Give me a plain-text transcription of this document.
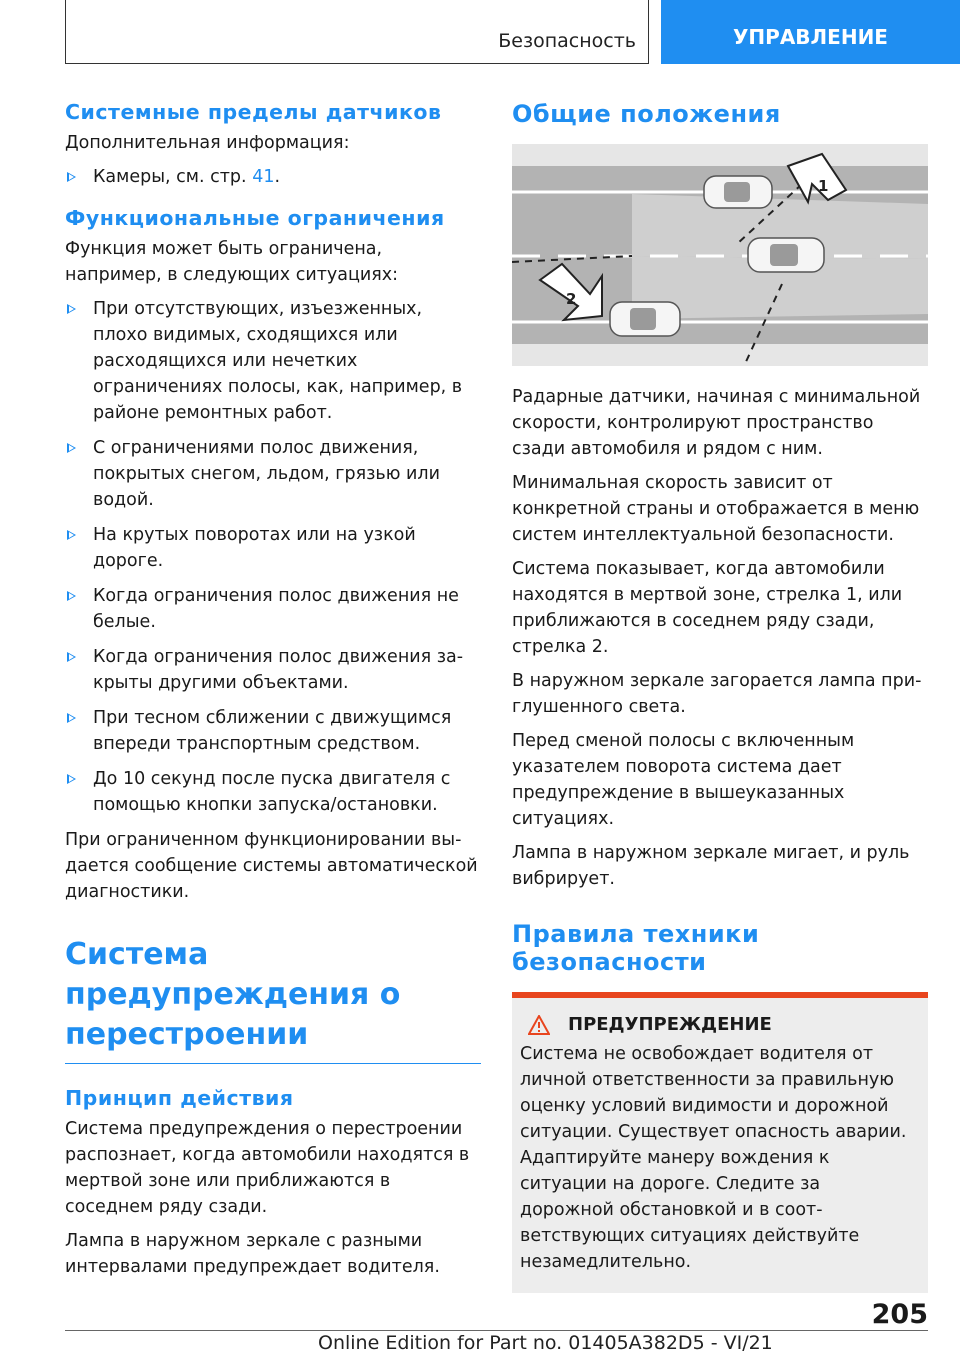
Безопасность	УПРАВЛЕНИЕ
Системные пределы датчиков

Дополнительная информация:

Камеры, см. стр. 41.
Функциональные ограничения

Функция может быть ограничена, например, в следующих ситуациях:

При отсутствующих, изъезженных, плохо видимых, сходящихся или расходящихся или нечетких ограничениях полосы, как, например, в районе ремонтных работ.
С ограничениями полос движения, покрытых снегом, льдом, грязью или водой.
На крутых поворотах или на узкой дороге.
Когда ограничения полос движения не белые.
Когда ограничения полос движения закрыты другими объектами.
При тесном сближении с движущимся впереди транспортным средством.
До 10 секунд после пуска двигателя с помощью кнопки запуска/остановки.

При ограниченном функционировании выдается сообщение системы автоматической диагностики.

Система предупреждения о перестроении
Принцип действия

Система предупреждения о перестроении распознает, когда автомобили находятся в мертвой зоне или приближаются в соседнем ряду сзади.

Лампа в наружном зеркале с разными интервалами предупреждает водителя.

Общие положения
1
2

Радарные датчики, начиная с минимальной скорости, контролируют пространство сзади автомобиля и рядом с ним.

Минимальная скорость зависит от конкретной страны и отображается в меню систем интеллектуальной безопасности.

Система показывает, когда автомобили находятся в мертвой зоне, стрелка 1, или приближаются в соседнем ряду сзади, стрелка 2.

В наружном зеркале загорается лампа приглушенного света.

Перед сменой полосы с включенным указателем поворота система дает предупреждение в вышеуказанных ситуациях.

Лампа в наружном зеркале мигает, и руль вибрирует.

Правила техники безопасности
ПРЕДУПРЕЖДЕНИЕ

Система не освобождает водителя от личной ответственности за правильную оценку условий видимости и дорожной ситуации. Существует опасность аварии. Адаптируйте манеру вождения к ситуации на дороге. Следите за дорожной обстановкой и в соответствующих ситуациях действуйте незамедлительно.

205
Online Edition for Part no. 01405A382D5 - VI/21
